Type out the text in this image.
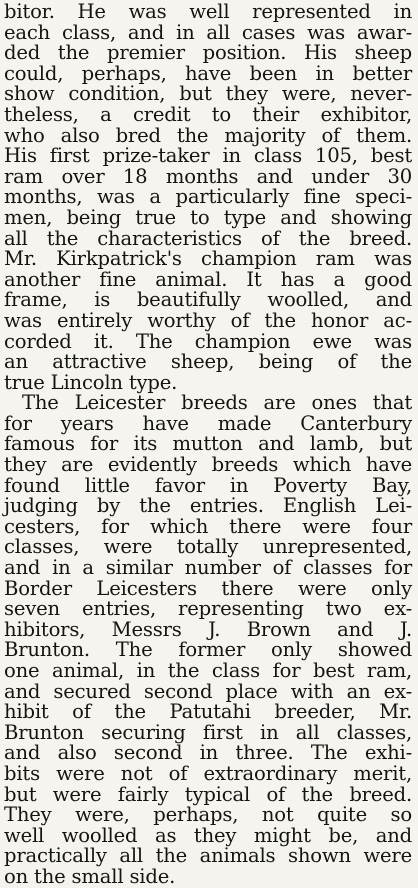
bitor. He was well represented in
each class, and in all cases was awar-
ded the premier position. His sheep
could, perhaps, have been in better
show condition, but they were, never-
theless, a credit to their exhibitor,
who also bred the majority of them.
His first prize-taker in class 105, best
ram over 18 months and under 30
months, was a particularly fine speci-
men, being true to type and showing
all the characteristics of the breed.
Mr. Kirkpatrick's champion ram was
another fine animal. It has a good
frame, is beautifully woolled, and
was entirely worthy of the honor ac-
corded it. The champion ewe was
an attractive sheep, being of the
true Lincoln type.
The Leicester breeds are ones that
for years have made Canterbury
famous for its mutton and lamb, but
they are evidently breeds which have
found little favor in Poverty Bay,
judging by the entries. English Lei-
cesters, for which there were four
classes, were totally unrepresented,
and in a similar number of classes for
Border Leicesters there were only
seven entries, representing two ex-
hibitors, Messrs J. Brown and J.
Brunton. The former only showed
one animal, in the class for best ram,
and secured second place with an ex-
hibit of the Patutahi breeder, Mr.
Brunton securing first in all classes,
and also second in three. The exhi-
bits were not of extraordinary merit,
but were fairly typical of the breed.
They were, perhaps, not quite so
well woolled as they might be, and
practically all the animals shown were
on the small side.
